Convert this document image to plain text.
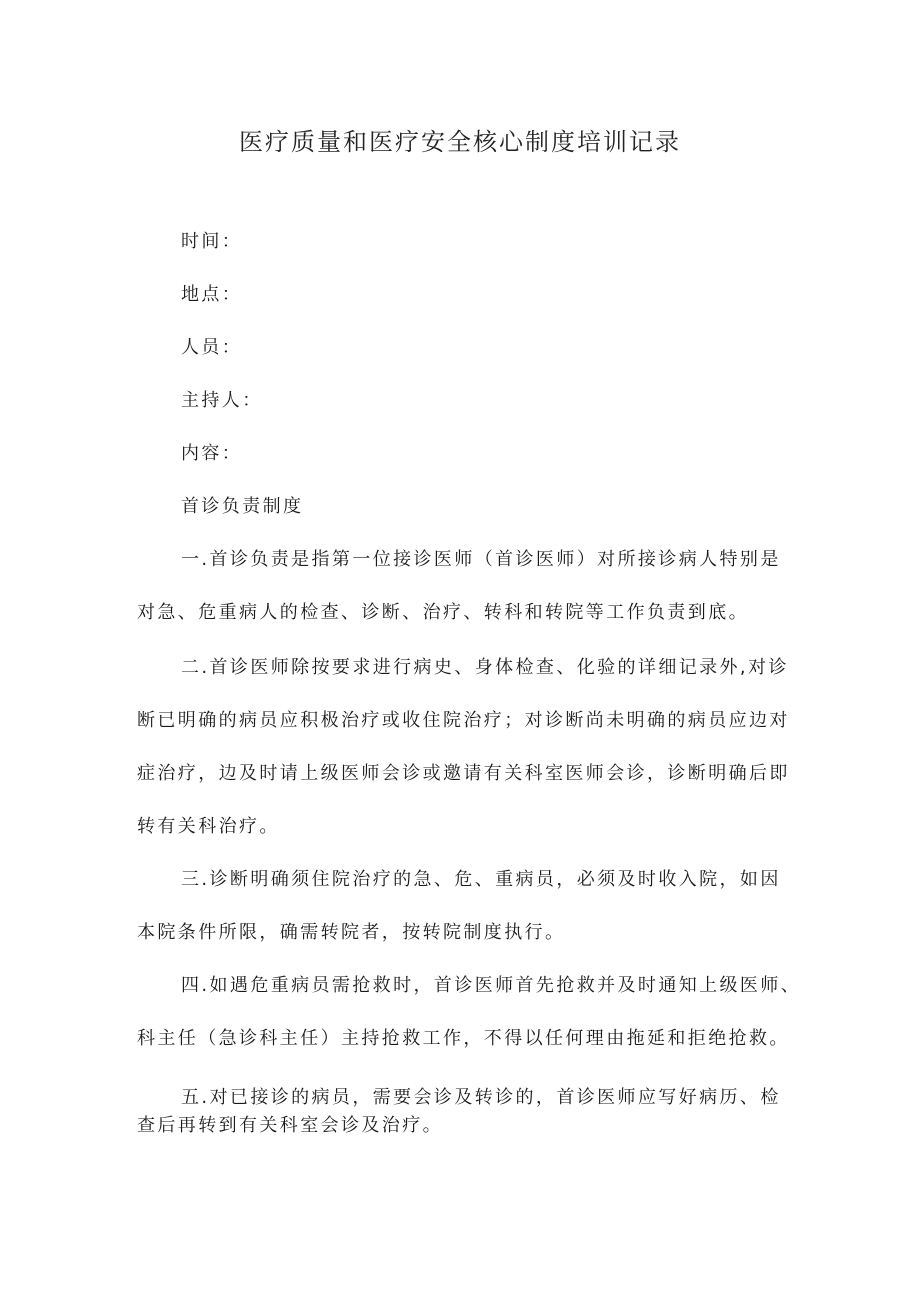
医疗质量和医疗安全核心制度培训记录
时间：
地点：
人员：
主持人：
内容：
首诊负责制度
一.首诊负责是指第一位接诊医师（首诊医师）对所接诊病人特别是
对急、危重病人的检查、诊断、治疗、转科和转院等工作负责到底。
二.首诊医师除按要求进行病史、身体检查、化验的详细记录外,对诊
断已明确的病员应积极治疗或收住院治疗；对诊断尚未明确的病员应边对
症治疗，边及时请上级医师会诊或邀请有关科室医师会诊，诊断明确后即
转有关科治疗。
三.诊断明确须住院治疗的急、危、重病员，必须及时收入院，如因
本院条件所限，确需转院者，按转院制度执行。
四.如遇危重病员需抢救时，首诊医师首先抢救并及时通知上级医师、
科主任（急诊科主任）主持抢救工作，不得以任何理由拖延和拒绝抢救。
五.对已接诊的病员，需要会诊及转诊的，首诊医师应写好病历、检
查后再转到有关科室会诊及治疗。
